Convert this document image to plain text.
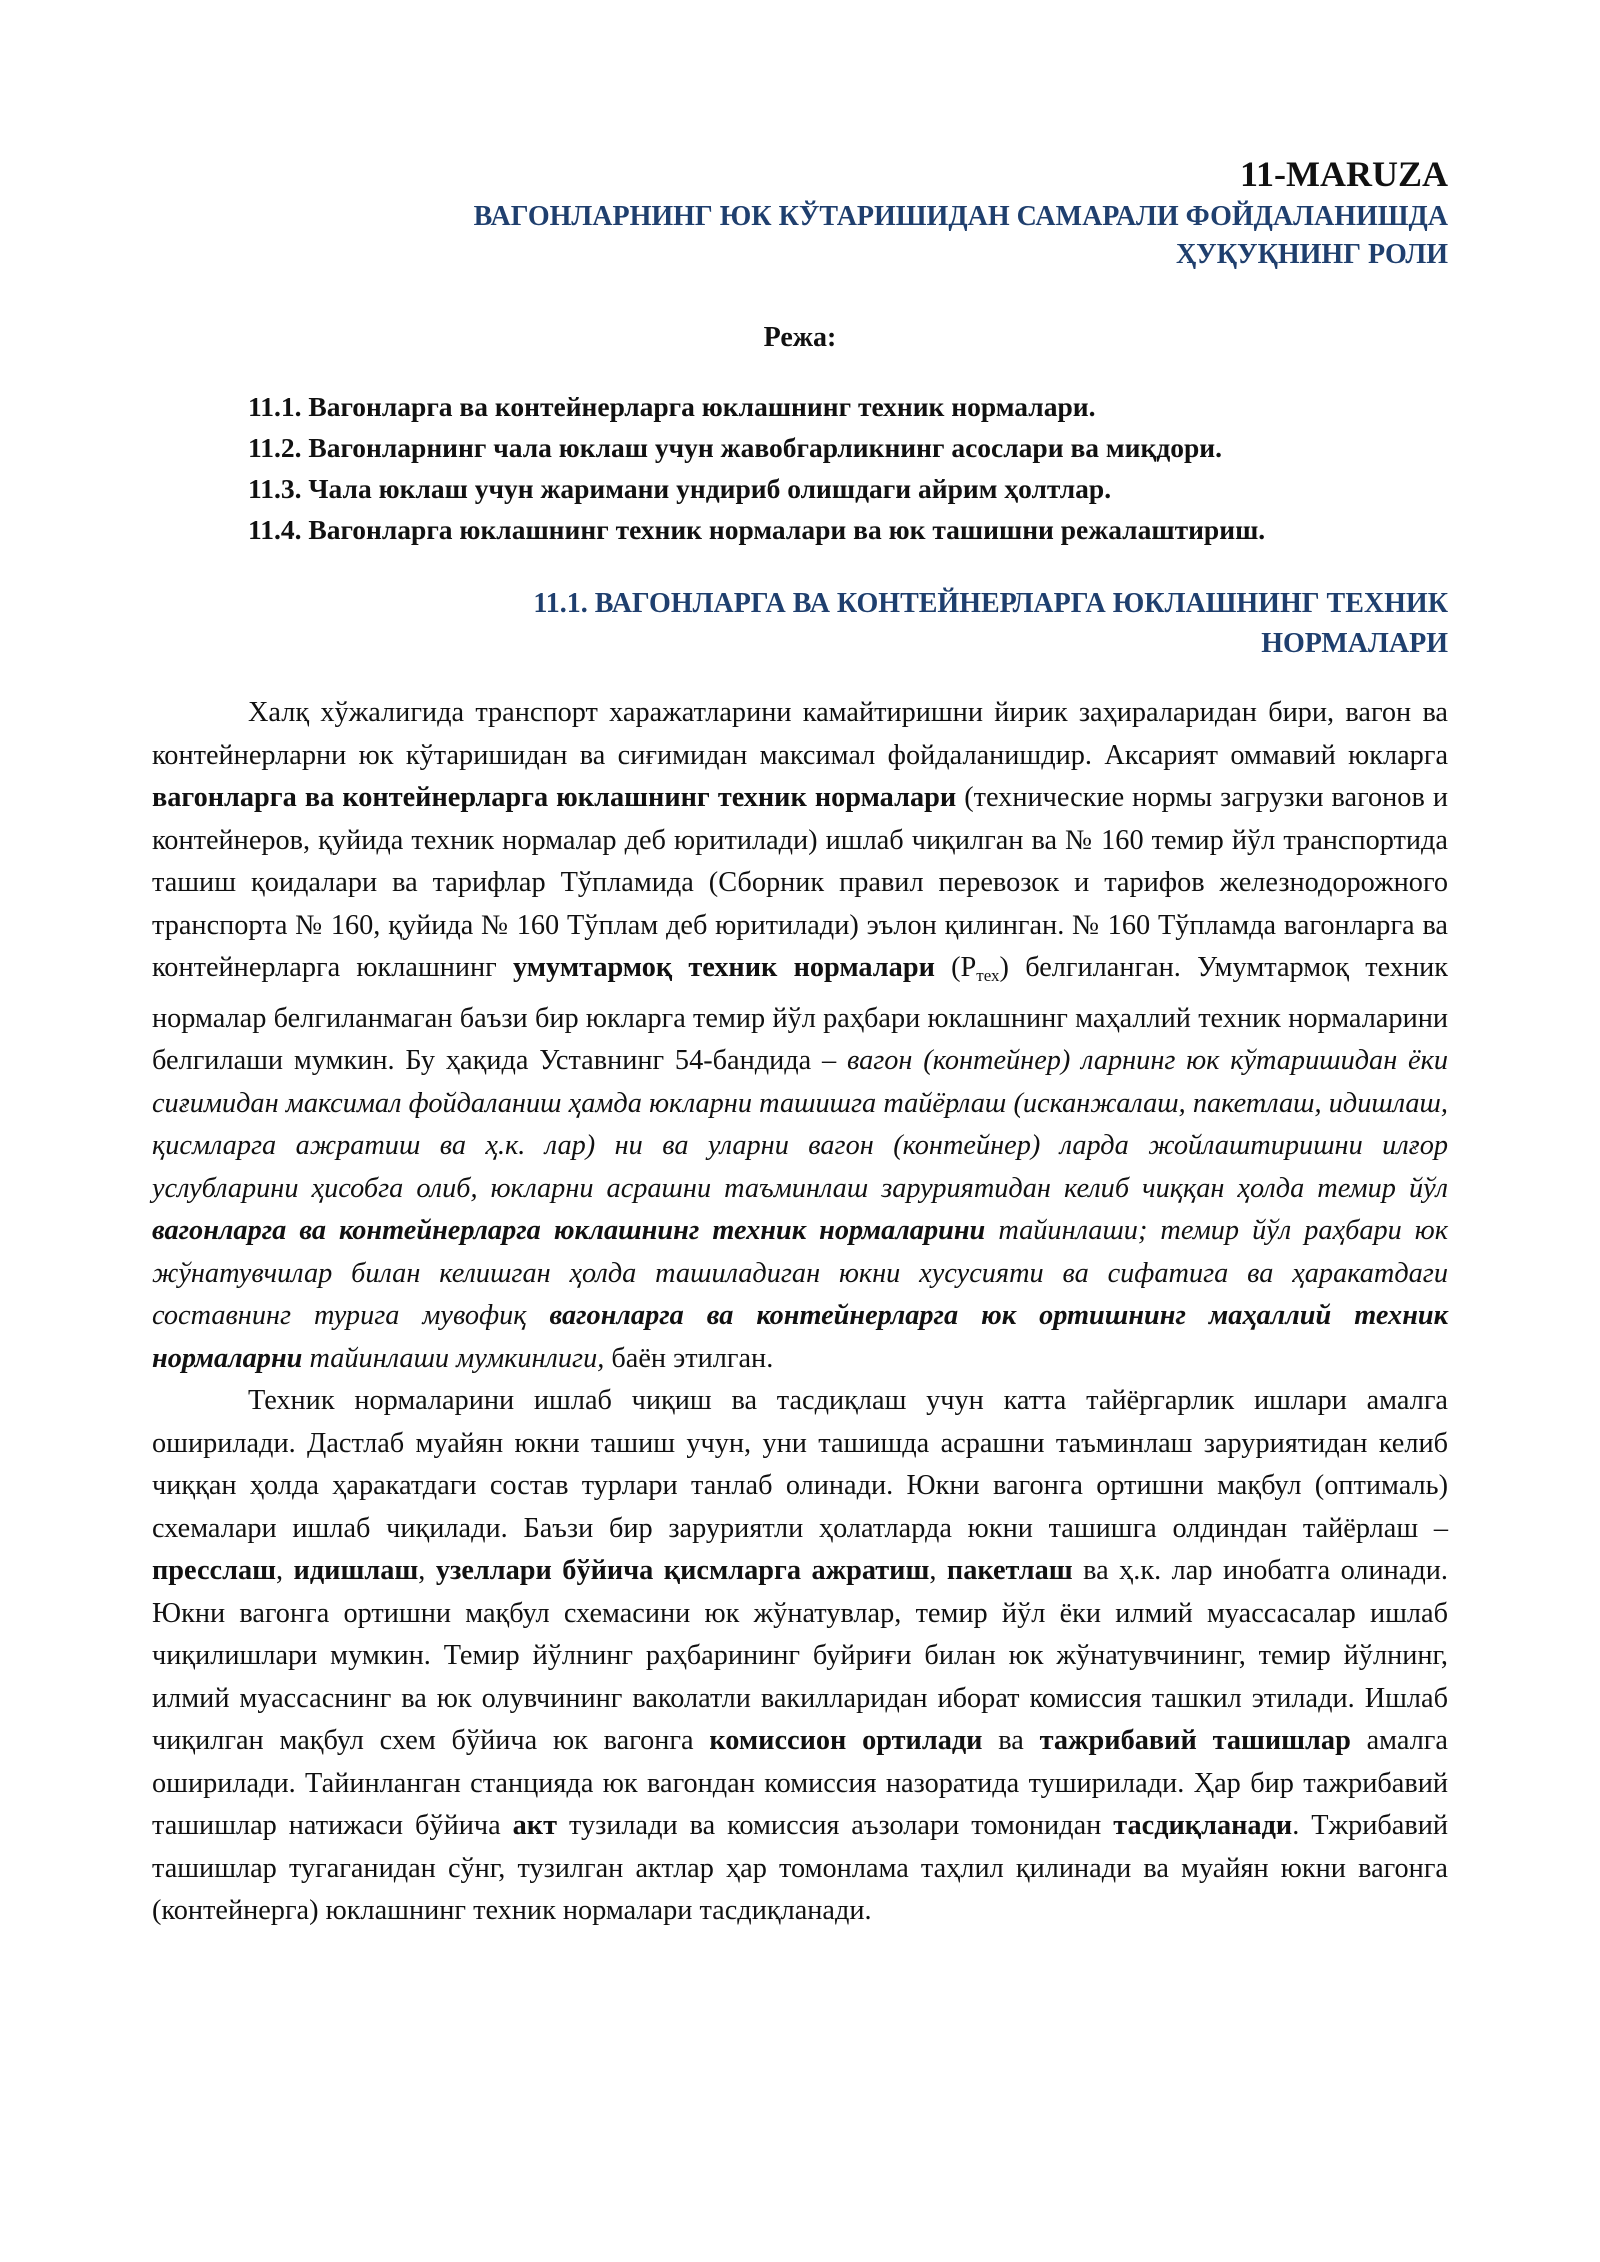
11-MARUZA

ВАГОНЛАРНИНГ ЮК КЎТАРИШИДАН САМАРАЛИ ФОЙДАЛАНИШДА
ҲУҚУҚНИНГ РОЛИ
Режа:
11.1. Вагонларга ва контейнерларга юклашнинг техник нормалари.
11.2. Вагонларнинг чала юклаш учун жавобгарликнинг асослари ва миқдори.
11.3. Чала юклаш учун жаримани ундириб олишдаги айрим ҳолтлар.
11.4. Вагонларга юклашнинг техник нормалари ва юк ташишни режалаштириш.
11.1. ВАГОНЛАРГА ВА КОНТЕЙНЕРЛАРГА ЮКЛАШНИНГ ТЕХНИК
НОРМАЛАРИ

Халқ хўжалигида транспорт харажатларини камайтиришни йирик заҳираларидан бири, вагон ва контейнерларни юк кўтаришидан ва сиғимидан максимал фойдаланишдир. Аксарият оммавий юкларга вагонларга ва контейнерларга юклашнинг техник нормалари (технические нормы загрузки вагонов и контейнеров, қуйида техник нормалар деб юритилади) ишлаб чиқилган ва № 160 темир йўл транспортида ташиш қоидалари ва тарифлар Тўпламида (Сборник правил перевозок и тарифов железнодорожного транспорта № 160, қуйида № 160 Тўплам деб юритилади) эълон қилинган. № 160 Тўпламда вагонларга ва контейнерларга юклашнинг умумтармоқ техник нормалари $(Р_{тех})$ белгиланган. Умумтармоқ техник нормалар белгиланмаган баъзи бир юкларга темир йўл раҳбари юклашнинг маҳаллий техник нормаларини белгилаши мумкин. Бу ҳақида Уставнинг 54-бандида – вагон (контейнер) ларнинг юк кўтаришидан ёки сиғимидан максимал фойдаланиш ҳамда юкларни ташишга тайёрлаш (исканжалаш, пакетлаш, идишлаш, қисмларга ажратиш ва ҳ.к. лар) ни ва уларни вагон (контейнер) ларда жойлаштиришни илғор услубларини ҳисобга олиб, юкларни асрашни таъминлаш заруриятидан келиб чиққан ҳолда темир йўл вагонларга ва контейнерларга юклашнинг техник нормаларини тайинлаши; темир йўл раҳбари юк жўнатувчилар билан келишган ҳолда ташиладиган юкни хусусияти ва сифатига ва ҳаракатдаги составнинг турига мувофиқ вагонларга ва контейнерларга юк ортишнинг маҳаллий техник нормаларни тайинлаши мумкинлиги, баён этилган.

Техник нормаларини ишлаб чиқиш ва тасдиқлаш учун катта тайёргарлик ишлари амалга оширилади. Дастлаб муайян юкни ташиш учун, уни ташишда асрашни таъминлаш заруриятидан келиб чиққан ҳолда ҳаракатдаги состав турлари танлаб олинади. Юкни вагонга ортишни мақбул (оптималь) схемалари ишлаб чиқилади. Баъзи бир заруриятли ҳолатларда юкни ташишга олдиндан тайёрлаш – пресслаш, идишлаш, узеллари бўйича қисмларга ажратиш, пакетлаш ва ҳ.к. лар инобатга олинади. Юкни вагонга ортишни мақбул схемасини юк жўнатувлар, темир йўл ёки илмий муассасалар ишлаб чиқилишлари мумкин. Темир йўлнинг раҳбарининг буйриғи билан юк жўнатувчининг, темир йўлнинг, илмий муассаснинг ва юк олувчининг ваколатли вакилларидан иборат комиссия ташкил этилади. Ишлаб чиқилган мақбул схем бўйича юк вагонга комиссион ортилади ва тажрибавий ташишлар амалга оширилади. Тайинланган станцияда юк вагондан комиссия назоратида туширилади. Ҳар бир тажрибавий ташишлар натижаси бўйича акт тузилади ва комиссия аъзолари томонидан тасдиқланади. Тжрибавий ташишлар тугаганидан сўнг, тузилган актлар ҳар томонлама таҳлил қилинади ва муайян юкни вагонга (контейнерга) юклашнинг техник нормалари тасдиқланади.
